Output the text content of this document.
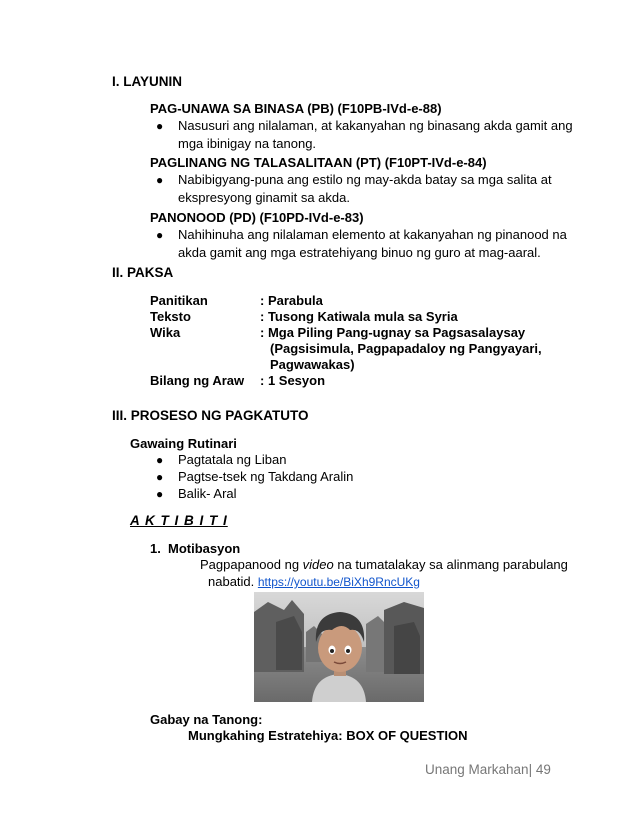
I. LAYUNIN
PAG-UNAWA SA BINASA (PB) (F10PB-IVd-e-88)
● Nasusuri ang nilalaman, at kakanyahan ng binasang akda gamit ang
mga ibinigay na tanong.
PAGLINANG NG TALASALITAAN (PT) (F10PT-IVd-e-84)
● Nabibigyang-puna ang estilo ng may-akda batay sa mga salita at
ekspresyong ginamit sa akda.
PANONOOD (PD) (F10PD-IVd-e-83)
● Nahihinuha ang nilalaman elemento at kakanyahan ng pinanood na
akda gamit ang mga estratehiyang binuo ng guro at mag-aaral.
II. PAKSA
Panitikan	: Parabula
Teksto	: Tusong Katiwala mula sa Syria
Wika	: Mga Piling Pang-ugnay sa Pagsasalaysay
(Pagsisimula, Pagpapadaloy ng Pangyayari,
Pagwawakas)

Bilang ng Araw	: 1 Sesyon
III. PROSESO NG PAGKATUTO
Gawaing Rutinari
● Pagtatala ng Liban
● Pagtse-tsek ng Takdang Aralin
● Balik- Aral
A K T I B I T I
1. Motibasyon
Pagpapanood ng video na tumatalakay sa alinmang parabulang
nabatid. https://youtu.be/BiXh9RncUKg
Gabay na Tanong:
Mungkahing Estratehiya: BOX OF QUESTION
Unang Markahan| 49
